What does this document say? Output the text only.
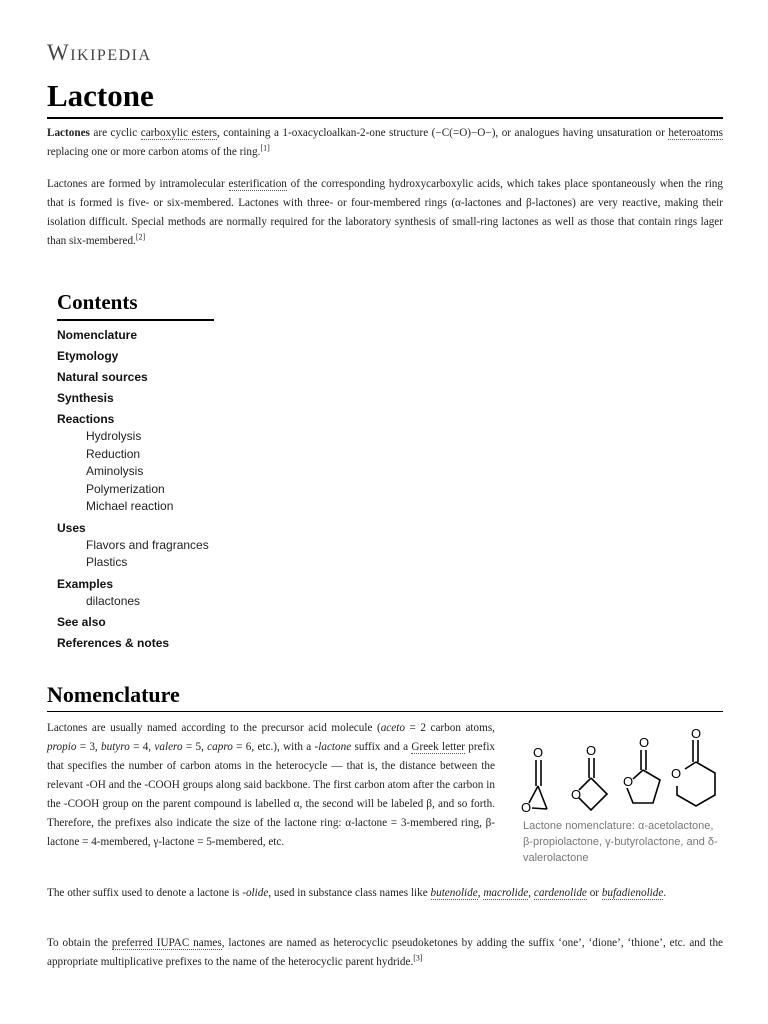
Wikipedia
Lactone

Lactones are cyclic carboxylic esters, containing a 1-oxacycloalkan-2-one structure (−C(=O)−O−), or analogues having unsaturation or heteroatoms replacing one or more carbon atoms of the ring.[1]

Lactones are formed by intramolecular esterification of the corresponding hydroxycarboxylic acids, which takes place spontaneously when the ring that is formed is five- or six-membered. Lactones with three- or four-membered rings (α-lactones and β-lactones) are very reactive, making their isolation difficult. Special methods are normally required for the laboratory synthesis of small-ring lactones as well as those that contain rings lager than six-membered.[2]

Contents
Nomenclature
Etymology
Natural sources
Synthesis
Reactions
Hydrolysis
Reduction
Aminolysis
Polymerization
Michael reaction
Uses
Flavors and fragrances
Plastics
Examples
dilactones
See also
References & notes
Nomenclature

Lactones are usually named according to the precursor acid molecule (aceto = 2 carbon atoms, propio = 3, butyro = 4, valero = 5, capro = 6, etc.), with a -lactone suffix and a Greek letter prefix that specifies the number of carbon atoms in the heterocycle — that is, the distance between the relevant -OH and the -COOH groups along said backbone. The first carbon atom after the carbon in the -COOH group on the parent compound is labelled α, the second will be labeled β, and so forth. Therefore, the prefixes also indicate the size of the lactone ring: α-lactone = 3-membered ring, β-lactone = 4-membered, γ-lactone = 5-membered, etc.

O
O
O
O
O
O
O
O
Lactone nomenclature: α-acetolactone, β-propiolactone, γ-butyrolactone, and δ-valerolactone

The other suffix used to denote a lactone is -olide, used in substance class names like butenolide, macrolide, cardenolide or bufadienolide.

To obtain the preferred IUPAC names, lactones are named as heterocyclic pseudoketones by adding the suffix ‘one’, ‘dione’, ‘thione’, etc. and the appropriate multiplicative prefixes to the name of the heterocyclic parent hydride.[3]
